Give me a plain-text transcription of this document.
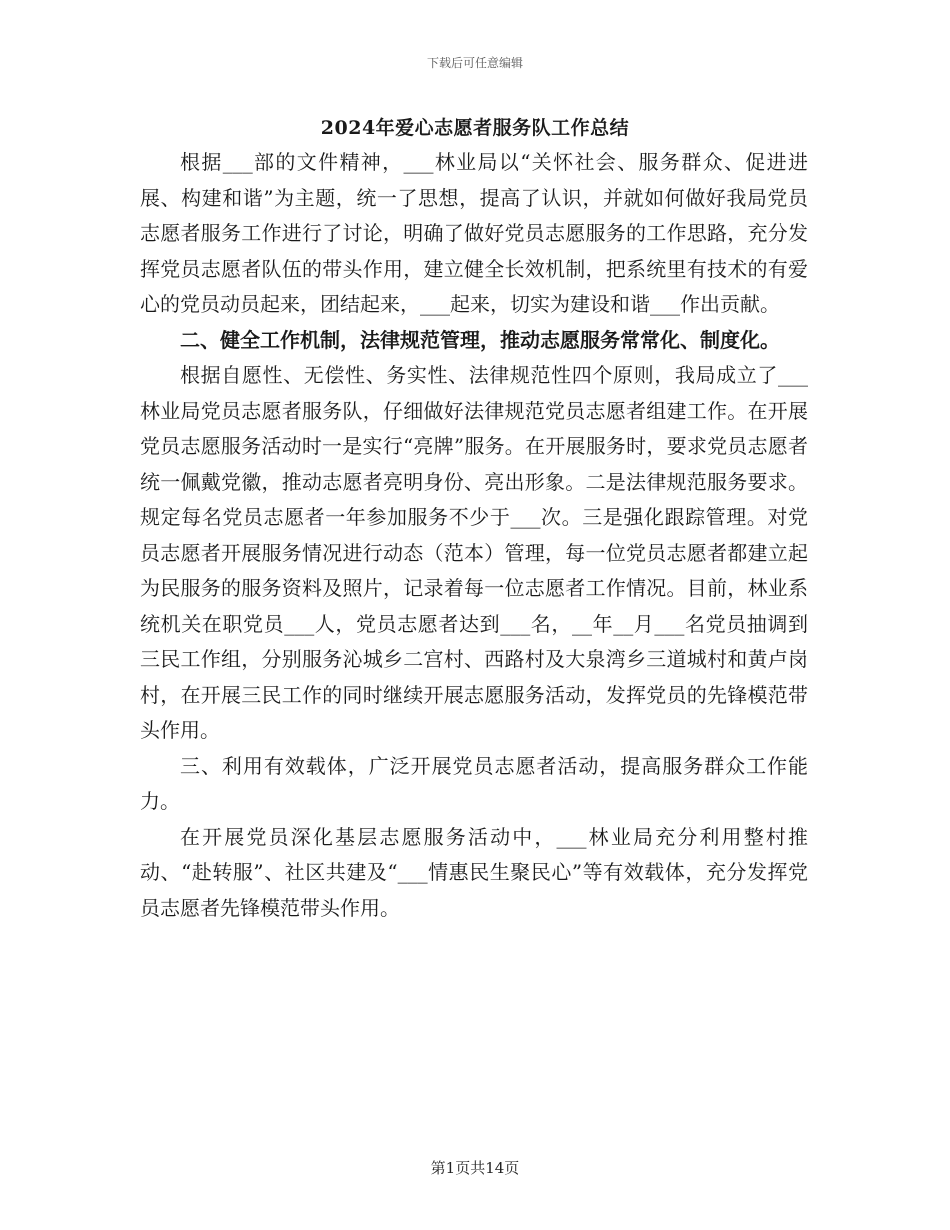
下载后可任意编辑
2024年爱心志愿者服务队工作总结

根据___部的文件精神，___林业局以“关怀社会、服务群众、促进进展、构建和谐”为主题，统一了思想，提高了认识，并就如何做好我局党员志愿者服务工作进行了讨论，明确了做好党员志愿服务的工作思路，充分发挥党员志愿者队伍的带头作用，建立健全长效机制，把系统里有技术的有爱心的党员动员起来，团结起来，___起来，切实为建设和谐___作出贡献。

二、健全工作机制，法律规范管理，推动志愿服务常常化、制度化。

根据自愿性、无偿性、务实性、法律规范性四个原则，我局成立了___林业局党员志愿者服务队，仔细做好法律规范党员志愿者组建工作。在开展党员志愿服务活动时一是实行“亮牌”服务。在开展服务时，要求党员志愿者统一佩戴党徽，推动志愿者亮明身份、亮出形象。二是法律规范服务要求。规定每名党员志愿者一年参加服务不少于___次。三是强化跟踪管理。对党员志愿者开展服务情况进行动态（范本）管理，每一位党员志愿者都建立起为民服务的服务资料及照片，记录着每一位志愿者工作情况。目前，林业系统机关在职党员___人，党员志愿者达到___名，__年__月___名党员抽调到三民工作组，分别服务沁城乡二宫村、西路村及大泉湾乡三道城村和黄卢岗村，在开展三民工作的同时继续开展志愿服务活动，发挥党员的先锋模范带头作用。

三、利用有效载体，广泛开展党员志愿者活动，提高服务群众工作能力。

在开展党员深化基层志愿服务活动中，___林业局充分利用整村推动、“赴转服”、社区共建及“___情惠民生聚民心”等有效载体，充分发挥党员志愿者先锋模范带头作用。

第1页共14页
